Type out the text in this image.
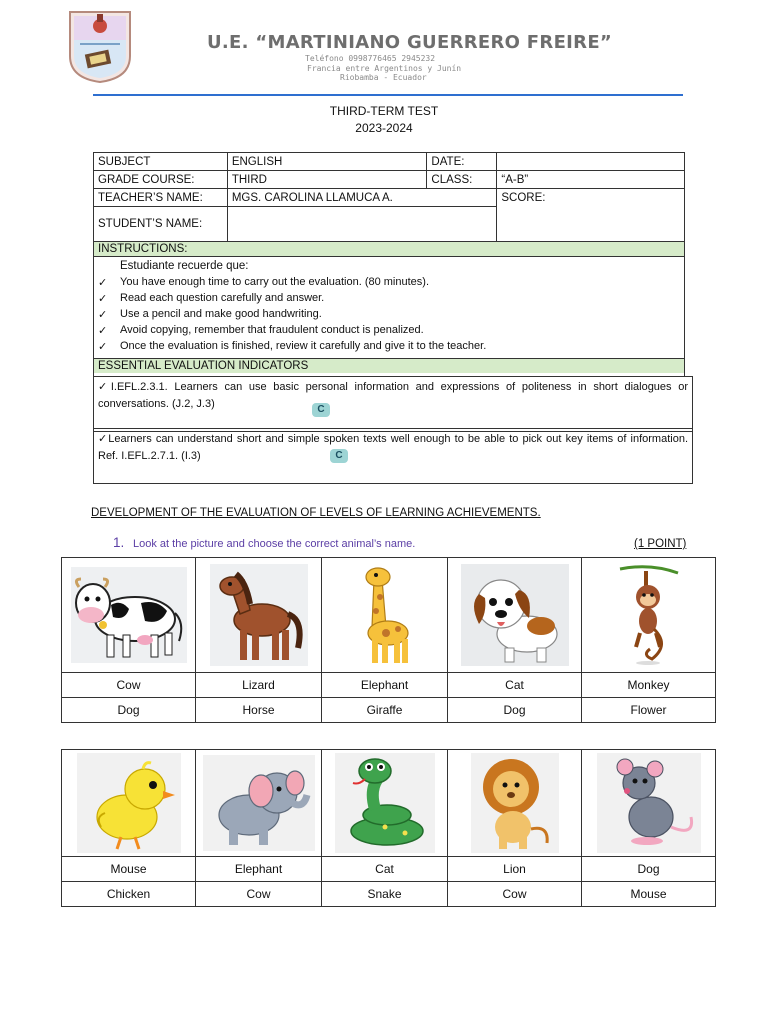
U.E. “MARTINIANO GUERRERO FREIRE”
Teléfono 0998776465 2945232
Francia entre Argentinos y Junín
Riobamba - Ecuador
THIRD-TERM TEST
2023-2024
SUBJECT	ENGLISH	DATE:	
GRADE COURSE:	THIRD	CLASS:	“A-B”
TEACHER’S NAME:	MGS. CAROLINA LLAMUCA A.		SCORE:
STUDENT’S NAME:			
INSTRUCTIONS:
Estudiante recuerde que:
✓	You have enough time to carry out the evaluation. (80 minutes).
✓	Read each question carefully and answer.
✓	Use a pencil and make good handwriting.
✓	Avoid copying, remember that fraudulent conduct is penalized.
✓	Once the evaluation is finished, review it carefully and give it to the teacher.
ESSENTIAL EVALUATION INDICATORS
✓I.EFL.2.3.1. Learners can use basic personal information and expressions of politeness in short dialogues or conversations. (J.2, J.3)	C
✓Learners can understand short and simple spoken texts well enough to be able to pick out key items of information. Ref. I.EFL.2.7.1. (I.3)	C
DEVELOPMENT OF THE EVALUATION OF LEVELS OF LEARNING ACHIEVEMENTS.
1. Look at the picture and choose the correct animal’s name.	(1 POINT)

Cow	Lizard	Elephant	Cat	Monkey
Dog	Horse	Giraffe	Dog	Flower

Mouse	Elephant	Cat	Lion	Dog
Chicken	Cow	Snake	Cow	Mouse
